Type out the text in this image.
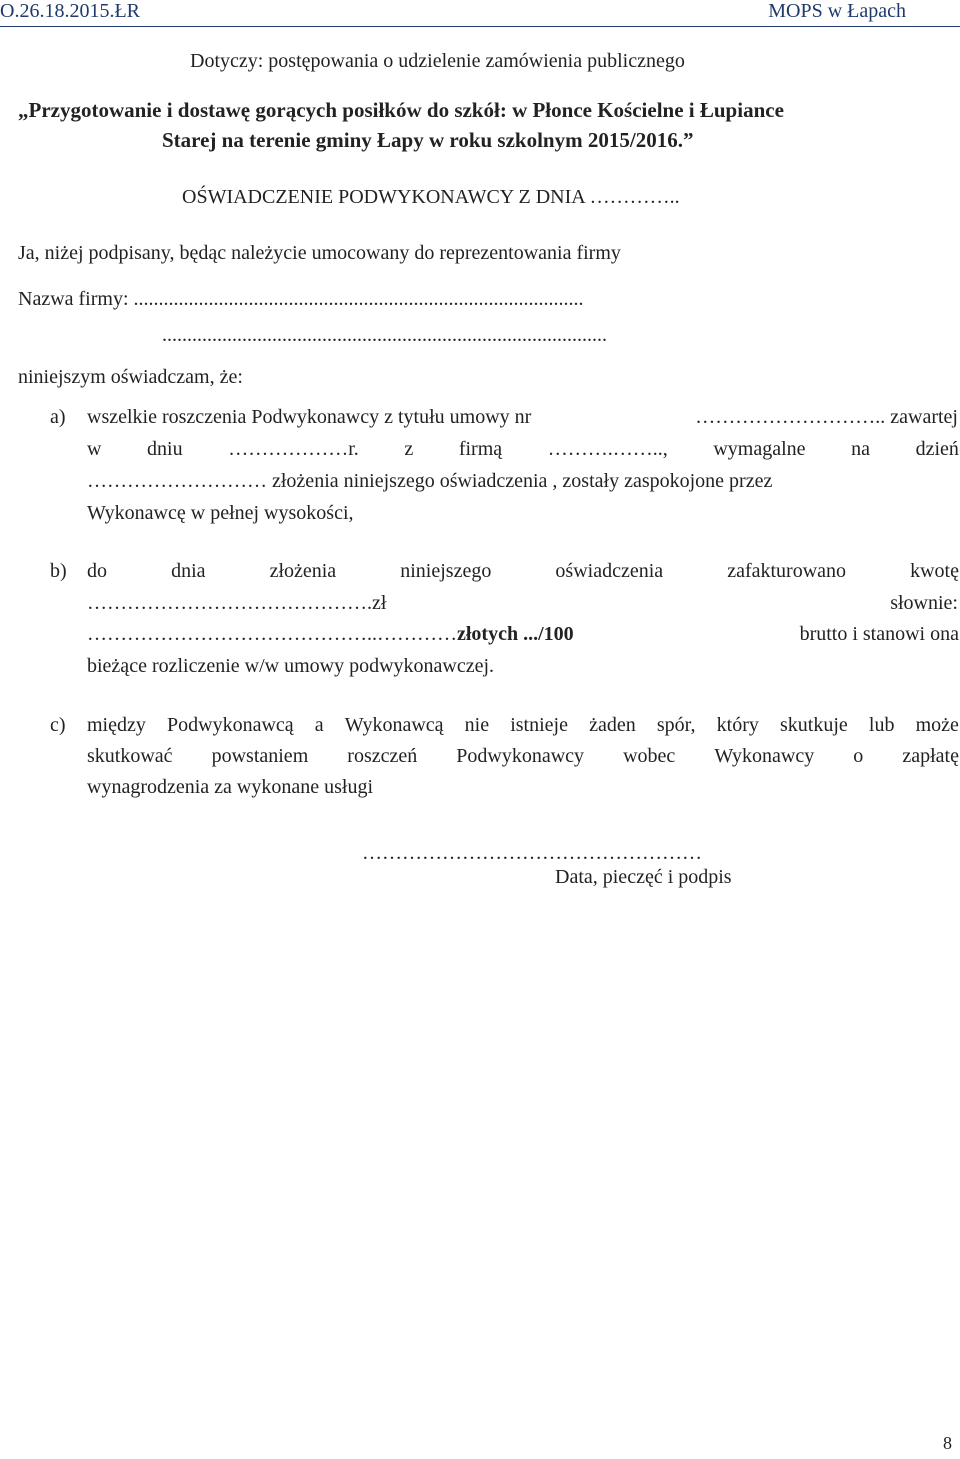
O.26.18.2015.ŁR	MOPS w Łapach
Dotyczy: postępowania o udzielenie zamówienia publicznego
„Przygotowanie i dostawę gorących posiłków do szkół: w Płonce Kościelne i Łupiance
Starej na terenie gminy Łapy w roku szkolnym 2015/2016.”
OŚWIADCZENIE PODWYKONAWCY Z DNIA …………..
Ja, niżej podpisany, będąc należycie umocowany do reprezentowania firmy
Nazwa firmy: ..........................................................................................
.........................................................................................
niniejszym oświadczam, że:
a) wszelkie roszczenia Podwykonawcy z tytułu umowy nr	……………………….. zawartej
w dniu ………………r. z firmą ……….…….., wymagalne na dzień
……………………… złożenia niniejszego oświadczenia , zostały zaspokojone przez
Wykonawcę w pełnej wysokości,
b) do	dnia	złożenia	niniejszego	oświadczenia	zafakturowano	kwotę
…………………………………….zł	słownie:
……………………………………..…………złotych .../100	brutto i stanowi ona
bieżące rozliczenie w/w umowy podwykonawczej.
c) między Podwykonawcą a Wykonawcą nie istnieje żaden spór, który skutkuje lub może
skutkować powstaniem roszczeń Podwykonawcy wobec Wykonawcy o zapłatę
wynagrodzenia za wykonane usługi
……………………………………………
Data, pieczęć i podpis
8
